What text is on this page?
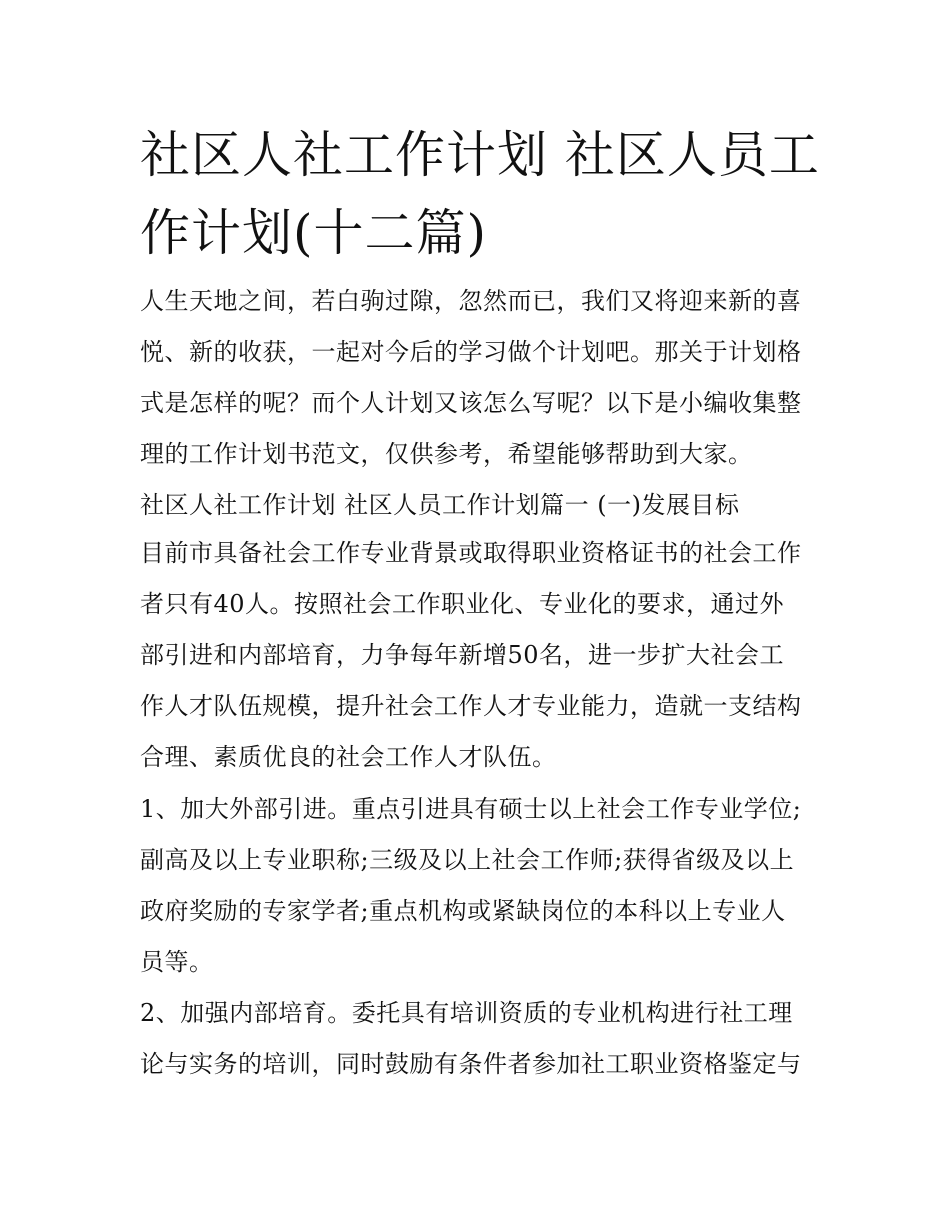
社区人社工作计划 社区人员工
作计划(十二篇)

人生天地之间，若白驹过隙，忽然而已，我们又将迎来新的喜
悦、新的收获，一起对今后的学习做个计划吧。那关于计划格
式是怎样的呢？而个人计划又该怎么写呢？以下是小编收集整
理的工作计划书范文，仅供参考，希望能够帮助到大家。

社区人社工作计划 社区人员工作计划篇一 (一)发展目标

目前市具备社会工作专业背景或取得职业资格证书的社会工作
者只有40人。按照社会工作职业化、专业化的要求，通过外
部引进和内部培育，力争每年新增50名，进一步扩大社会工
作人才队伍规模，提升社会工作人才专业能力，造就一支结构
合理、素质优良的社会工作人才队伍。

1、加大外部引进。重点引进具有硕士以上社会工作专业学位;
副高及以上专业职称;三级及以上社会工作师;获得省级及以上
政府奖励的专家学者;重点机构或紧缺岗位的本科以上专业人
员等。

2、加强内部培育。委托具有培训资质的专业机构进行社工理
论与实务的培训，同时鼓励有条件者参加社工职业资格鉴定与
